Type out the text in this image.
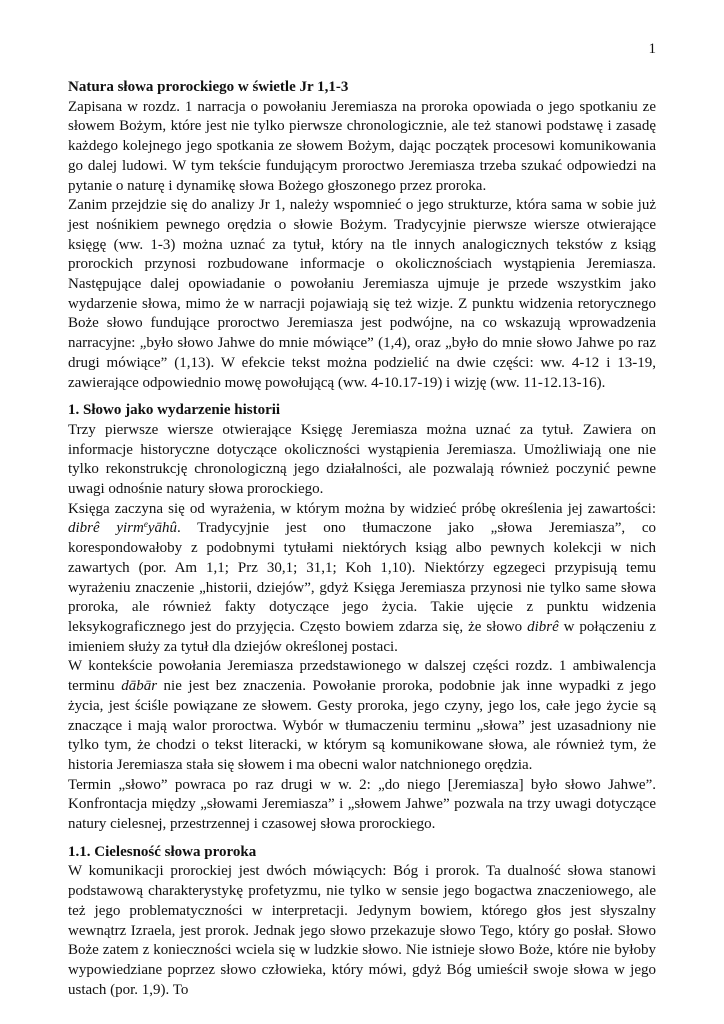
1
Natura słowa prorockiego w świetle Jr 1,1-3

Zapisana w rozdz. 1 narracja o powołaniu Jeremiasza na proroka opowiada o jego spotkaniu ze słowem Bożym, które jest nie tylko pierwsze chronologicznie, ale też stanowi podstawę i zasadę każdego kolejnego jego spotkania ze słowem Bożym, dając początek procesowi komunikowania go dalej ludowi. W tym tekście fundującym proroctwo Jeremiasza trzeba szukać odpowiedzi na pytanie o naturę i dynamikę słowa Bożego głoszonego przez proroka.

Zanim przejdzie się do analizy Jr 1, należy wspomnieć o jego strukturze, która sama w sobie już jest nośnikiem pewnego orędzia o słowie Bożym. Tradycyjnie pierwsze wiersze otwierające księgę (ww. 1-3) można uznać za tytuł, który na tle innych analogicznych tekstów z ksiąg prorockich przynosi rozbudowane informacje o okolicznościach wystąpienia Jeremiasza. Następujące dalej opowiadanie o powołaniu Jeremiasza ujmuje je przede wszystkim jako wydarzenie słowa, mimo że w narracji pojawiają się też wizje. Z punktu widzenia retorycznego Boże słowo fundujące proroctwo Jeremiasza jest podwójne, na co wskazują wprowadzenia narracyjne: „było słowo Jahwe do mnie mówiące” (1,4), oraz „było do mnie słowo Jahwe po raz drugi mówiące” (1,13). W efekcie tekst można podzielić na dwie części: ww. 4-12 i 13-19, zawierające odpowiednio mowę powołującą (ww. 4-10.17-19) i wizję (ww. 11-12.13-16).

1. Słowo jako wydarzenie historii

Trzy pierwsze wiersze otwierające Księgę Jeremiasza można uznać za tytuł. Zawiera on informacje historyczne dotyczące okoliczności wystąpienia Jeremiasza. Umożliwiają one nie tylko rekonstrukcję chronologiczną jego działalności, ale pozwalają również poczynić pewne uwagi odnośnie natury słowa prorockiego.

Księga zaczyna się od wyrażenia, w którym można by widzieć próbę określenia jej zawartości: dibrê yirm$^e$yāhû. Tradycyjnie jest ono tłumaczone jako „słowa Jeremiasza”, co korespondowałoby z podobnymi tytułami niektórych ksiąg albo pewnych kolekcji w nich zawartych (por. Am 1,1; Prz 30,1; 31,1; Koh 1,10). Niektórzy egzegeci przypisują temu wyrażeniu znaczenie „historii, dziejów”, gdyż Księga Jeremiasza przynosi nie tylko same słowa proroka, ale również fakty dotyczące jego życia. Takie ujęcie z punktu widzenia leksykograficznego jest do przyjęcia. Często bowiem zdarza się, że słowo dibrê w połączeniu z imieniem służy za tytuł dla dziejów określonej postaci.

W kontekście powołania Jeremiasza przedstawionego w dalszej części rozdz. 1 ambiwalencja terminu dābār nie jest bez znaczenia. Powołanie proroka, podobnie jak inne wypadki z jego życia, jest ściśle powiązane ze słowem. Gesty proroka, jego czyny, jego los, całe jego życie są znaczące i mają walor proroctwa. Wybór w tłumaczeniu terminu „słowa” jest uzasadniony nie tylko tym, że chodzi o tekst literacki, w którym są komunikowane słowa, ale również tym, że historia Jeremiasza stała się słowem i ma obecni walor natchnionego orędzia.

Termin „słowo” powraca po raz drugi w w. 2: „do niego [Jeremiasza] było słowo Jahwe”. Konfrontacja między „słowami Jeremiasza” i „słowem Jahwe” pozwala na trzy uwagi dotyczące natury cielesnej, przestrzennej i czasowej słowa prorockiego.

1.1. Cielesność słowa proroka

W komunikacji prorockiej jest dwóch mówiących: Bóg i prorok. Ta dualność słowa stanowi podstawową charakterystykę profetyzmu, nie tylko w sensie jego bogactwa znaczeniowego, ale też jego problematyczności w interpretacji. Jedynym bowiem, którego głos jest słyszalny wewnątrz Izraela, jest prorok. Jednak jego słowo przekazuje słowo Tego, który go posłał. Słowo Boże zatem z konieczności wciela się w ludzkie słowo. Nie istnieje słowo Boże, które nie byłoby wypowiedziane poprzez słowo człowieka, który mówi, gdyż Bóg umieścił swoje słowa w jego ustach (por. 1,9). To
